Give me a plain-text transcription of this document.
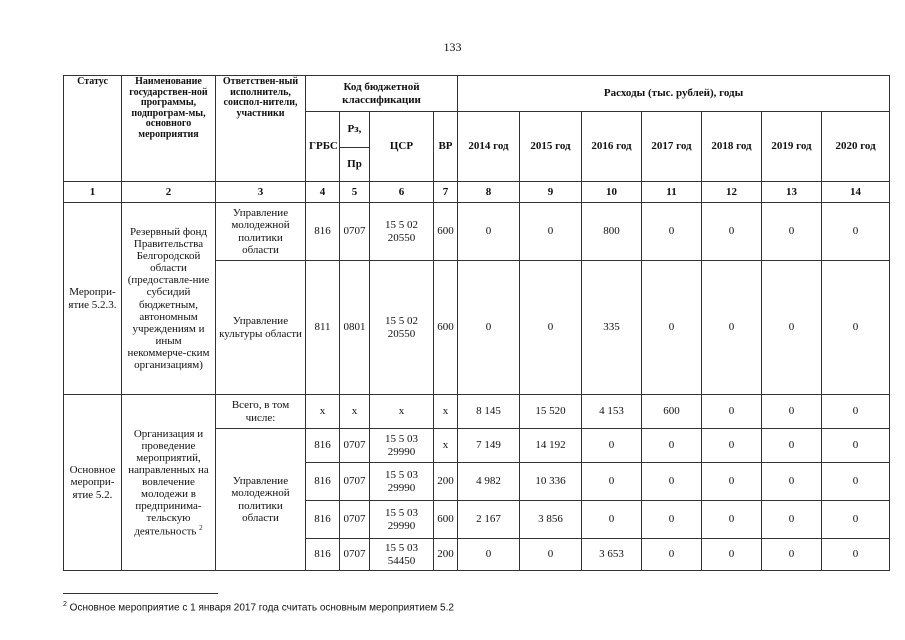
133
Статус	Наименование государствен-ной программы, подпрограм-мы, основного мероприятия	Ответствен-ный исполнитель, соиспол-нители, участники	Код бюджетной классификации				Расходы (тыс. рублей), годы						
			ГРБС	Рз,	ЦСР	ВР	2014 год	2015 год	2016 год	2017 год	2018 год	2019 год	2020 год
				Пр									
1	2	3	4	5	6	7	8	9	10	11	12	13	14
Меропри-ятие 5.2.3.	Резервный фонд Правительства Белгородской области (предоставле-ние субсидий бюджетным, автономным учреждениям и иным некоммерче-ским организациям)	Управление молодежной политики области	816	0707	15 5 02 20550	600	0	0	800	0	0	0	0
		Управление культуры области	811	0801	15 5 02 20550	600	0	0	335	0	0	0	0
Основное меропри-ятие 5.2.	Организация и проведение мероприятий, направленных на вовлечение молодежи в предпринима-тельскую деятельность $^2$	Всего, в том числе:	х	х	х	х	8 145	15 520	4 153	600	0	0	0
		Управление молодежной политики области	816	0707	15 5 03 29990	х	7 149	14 192	0	0	0	0	0
			816	0707	15 5 03 29990	200	4 982	10 336	0	0	0	0	0
			816	0707	15 5 03 29990	600	2 167	3 856	0	0	0	0	0
			816	0707	15 5 03 54450	200	0	0	3 653	0	0	0	0
$^2$ Основное мероприятие с 1 января 2017 года считать основным мероприятием 5.2
